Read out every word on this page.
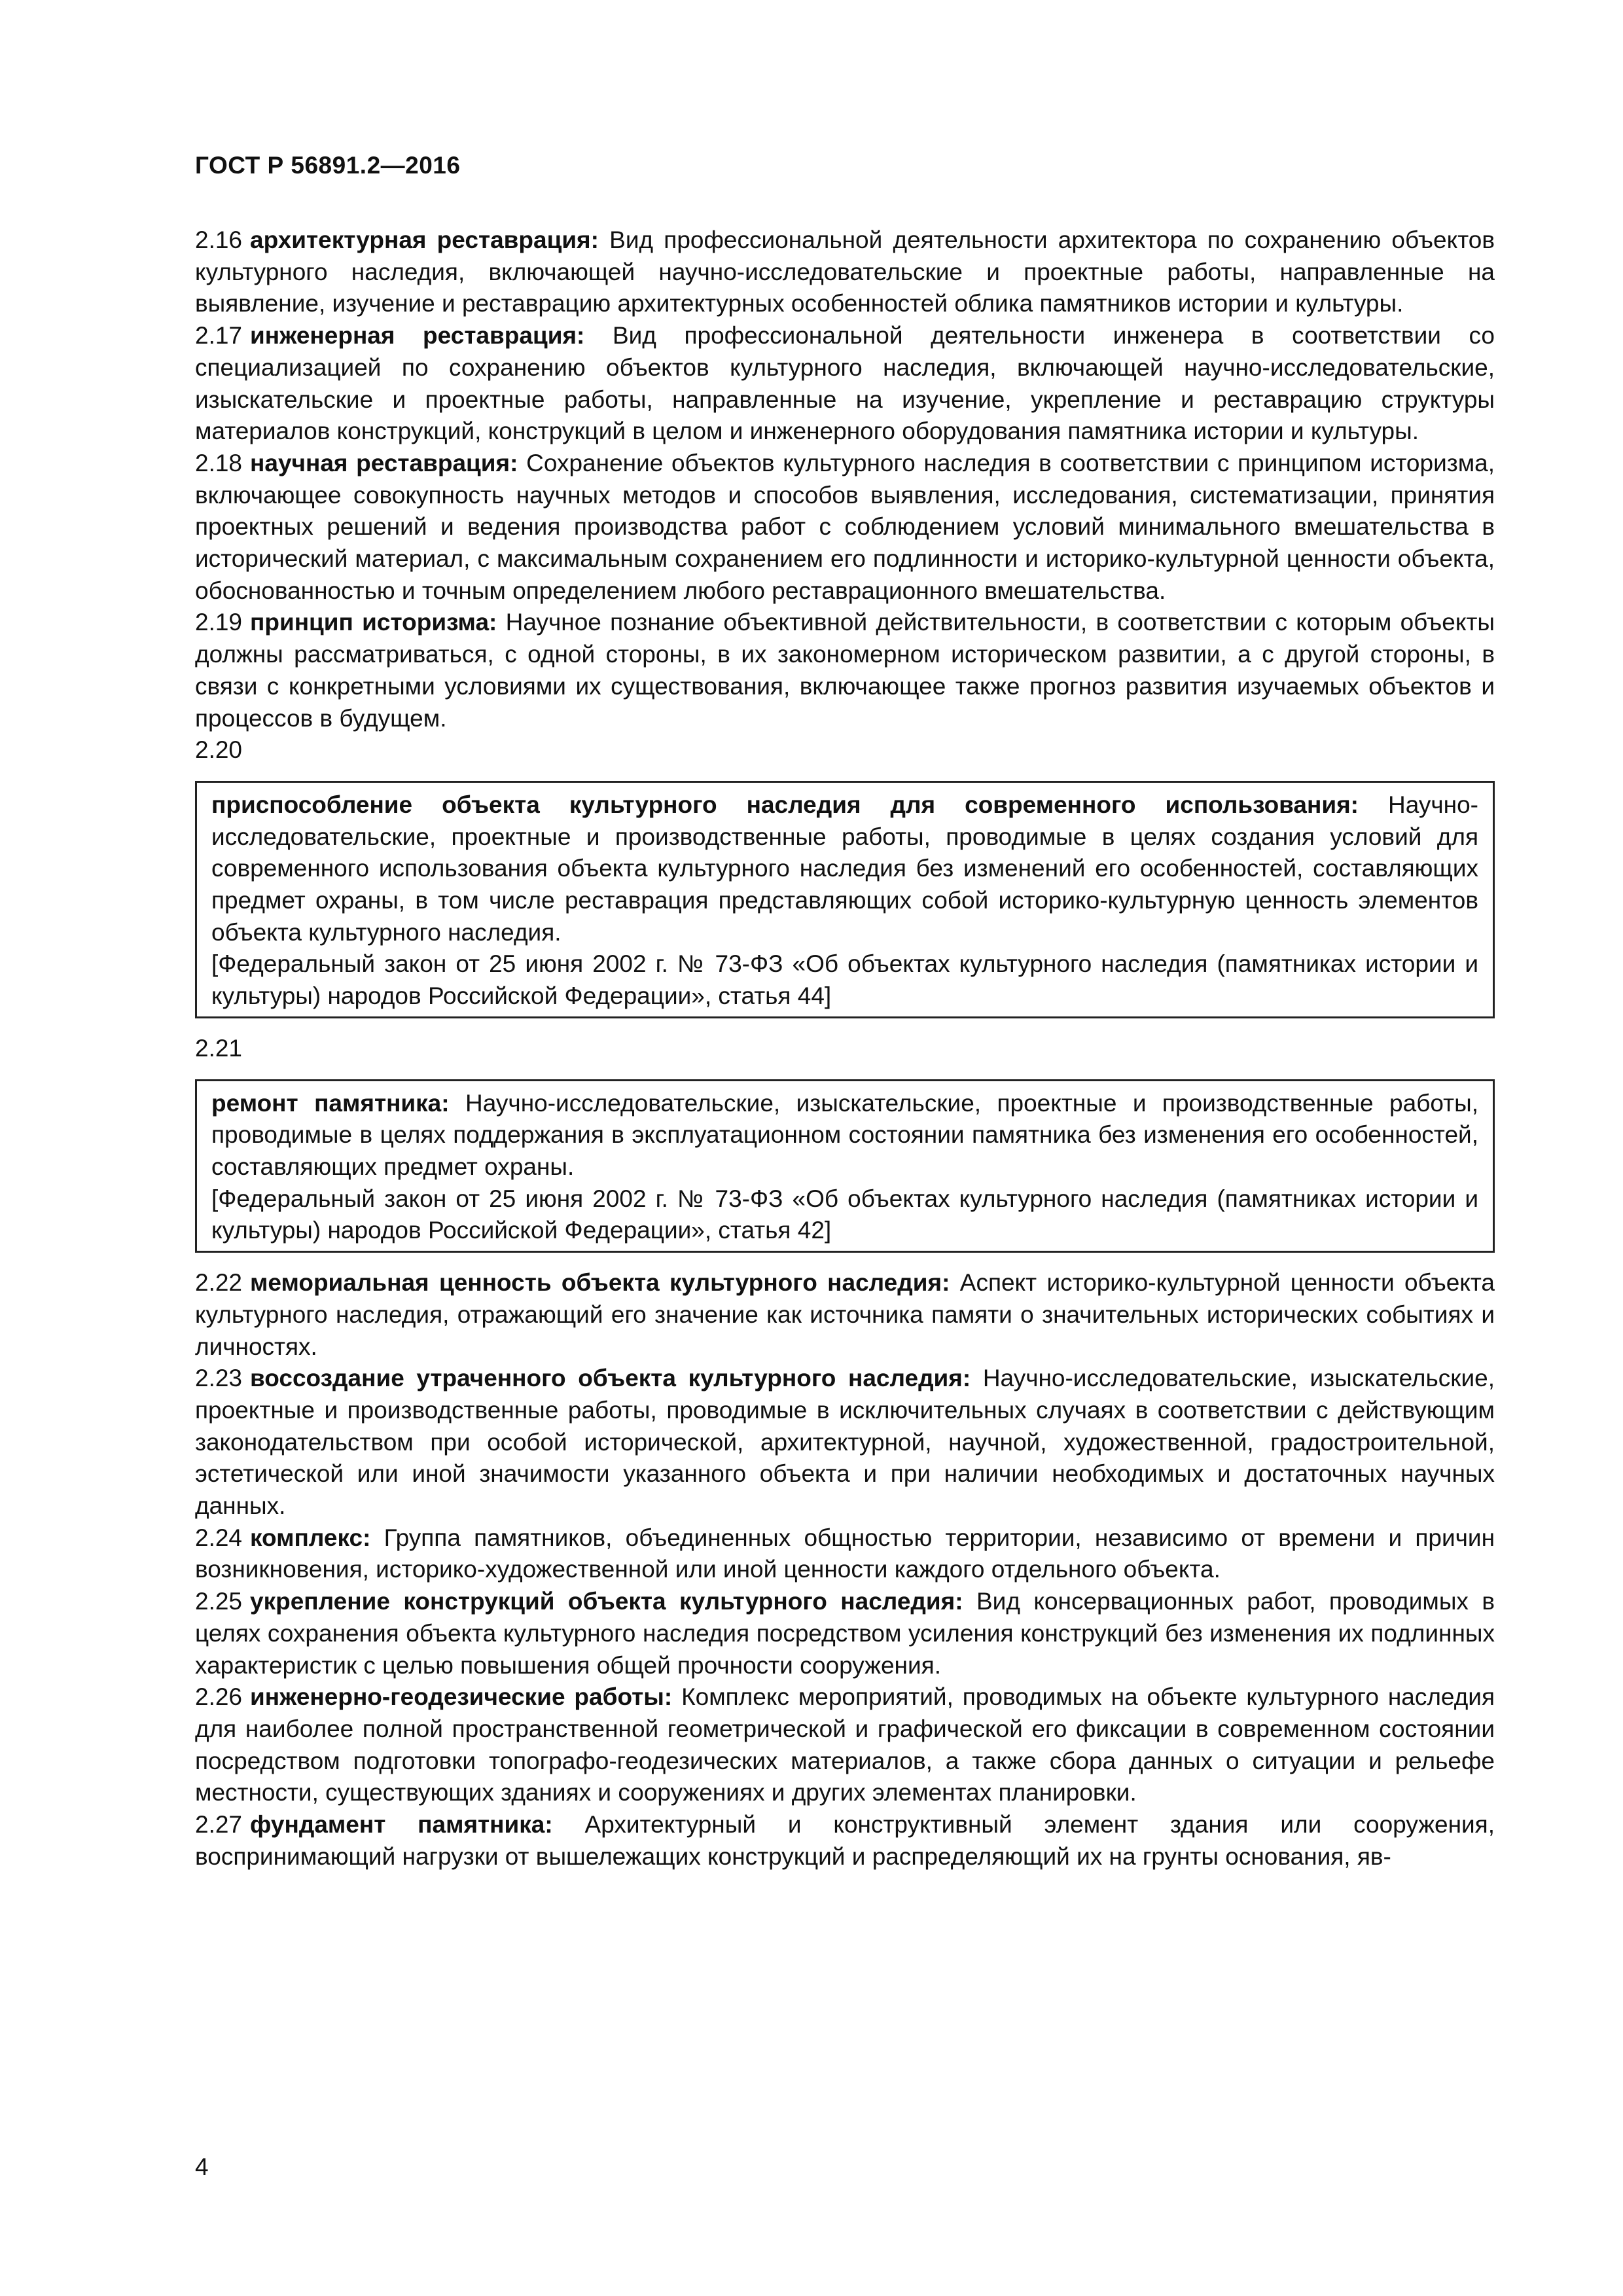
ГОСТ Р 56891.2—2016

2.16 архитектурная реставрация: Вид профессиональной деятельности архитектора по сохранению объектов культурного наследия, включающей научно-исследовательские и проектные работы, направленные на выявление, изучение и реставрацию архитектурных особенностей облика памятников истории и культуры.

2.17 инженерная реставрация: Вид профессиональной деятельности инженера в соответствии со специализацией по сохранению объектов культурного наследия, включающей научно-исследовательские, изыскательские и проектные работы, направленные на изучение, укрепление и реставрацию структуры материалов конструкций, конструкций в целом и инженерного оборудования памятника истории и культуры.

2.18 научная реставрация: Сохранение объектов культурного наследия в соответствии с принципом историзма, включающее совокупность научных методов и способов выявления, исследования, систематизации, принятия проектных решений и ведения производства работ с соблюдением условий минимального вмешательства в исторический материал, с максимальным сохранением его подлинности и историко-культурной ценности объекта, обоснованностью и точным определением любого реставрационного вмешательства.

2.19 принцип историзма: Научное познание объективной действительности, в соответствии с которым объекты должны рассматриваться, с одной стороны, в их закономерном историческом развитии, а с другой стороны, в связи с конкретными условиями их существования, включающее также прогноз развития изучаемых объектов и процессов в будущем.

2.20

приспособление объекта культурного наследия для современного использования: Научно-исследовательские, проектные и производственные работы, проводимые в целях создания условий для современного использования объекта культурного наследия без изменений его особенностей, составляющих предмет охраны, в том числе реставрация представляющих собой историко-культурную ценность элементов объекта культурного наследия.

[Федеральный закон от 25 июня 2002 г. № 73-ФЗ «Об объектах культурного наследия (памятниках истории и культуры) народов Российской Федерации», статья 44]

2.21

ремонт памятника: Научно-исследовательские, изыскательские, проектные и производственные работы, проводимые в целях поддержания в эксплуатационном состоянии памятника без изменения его особенностей, составляющих предмет охраны.

[Федеральный закон от 25 июня 2002 г. № 73-ФЗ «Об объектах культурного наследия (памятниках истории и культуры) народов Российской Федерации», статья 42]

2.22 мемориальная ценность объекта культурного наследия: Аспект историко-культурной ценности объекта культурного наследия, отражающий его значение как источника памяти о значительных исторических событиях и личностях.

2.23 воссоздание утраченного объекта культурного наследия: Научно-исследовательские, изыскательские, проектные и производственные работы, проводимые в исключительных случаях в соответствии с действующим законодательством при особой исторической, архитектурной, научной, художественной, градостроительной, эстетической или иной значимости указанного объекта и при наличии необходимых и достаточных научных данных.

2.24 комплекс: Группа памятников, объединенных общностью территории, независимо от времени и причин возникновения, историко-художественной или иной ценности каждого отдельного объекта.

2.25 укрепление конструкций объекта культурного наследия: Вид консервационных работ, проводимых в целях сохранения объекта культурного наследия посредством усиления конструкций без изменения их подлинных характеристик с целью повышения общей прочности сооружения.

2.26 инженерно-геодезические работы: Комплекс мероприятий, проводимых на объекте культурного наследия для наиболее полной пространственной геометрической и графической его фиксации в современном состоянии посредством подготовки топографо-геодезических материалов, а также сбора данных о ситуации и рельефе местности, существующих зданиях и сооружениях и других элементах планировки.

2.27 фундамент памятника: Архитектурный и конструктивный элемент здания или сооружения, воспринимающий нагрузки от вышележащих конструкций и распределяющий их на грунты основания, яв-

4
